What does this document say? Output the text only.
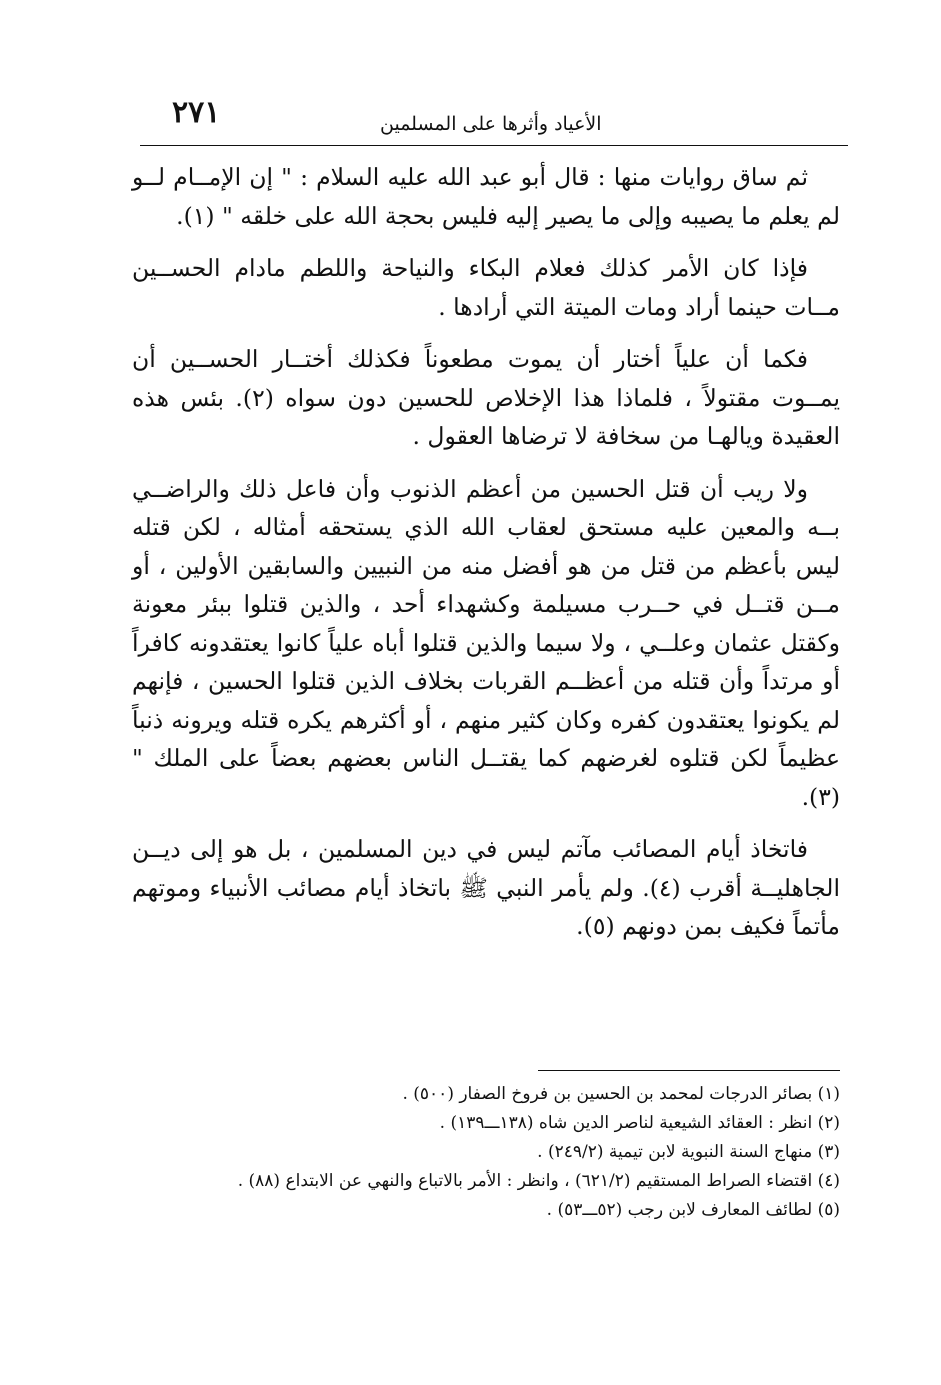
٢٧١	الأعياد وأثرها على المسلمين

ثم ساق روايات منها : قال أبو عبد الله عليه السلام : " إن الإمــام لــو لم يعلم ما يصيبه وإلى ما يصير إليه فليس بحجة الله على خلقه " (١).

فإذا كان الأمر كذلك فعلام البكاء والنياحة واللطم مادام الحســين مــات حينما أراد ومات الميتة التي أرادها .

فكما أن علياً أختار أن يموت مطعوناً فكذلك أختــار الحســين أن يمــوت مقتولاً ، فلماذا هذا الإخلاص للحسين دون سواه (٢). بئس هذه العقيدة ويالهـا من سخافة لا ترضاها العقول .

ولا ريب أن قتل الحسين من أعظم الذنوب وأن فاعل ذلك والراضــي بــه والمعين عليه مستحق لعقاب الله الذي يستحقه أمثاله ، لكن قتله ليس بأعظم من قتل من هو أفضل منه من النبيين والسابقين الأولين ، أو مــن قتــل في حــرب مسيلمة وكشهداء أحد ، والذين قتلوا ببئر معونة وكقتل عثمان وعلــي ، ولا سيما والذين قتلوا أباه علياً كانوا يعتقدونه كافراً أو مرتداً وأن قتله من أعظــم القربات بخلاف الذين قتلوا الحسين ، فإنهم لم يكونوا يعتقدون كفره وكان كثير منهم ، أو أكثرهم يكره قتله ويرونه ذنباً عظيماً لكن قتلوه لغرضهم كما يقتــل الناس بعضهم بعضاً على الملك " (٣).

فاتخاذ أيام المصائب مآتم ليس في دين المسلمين ، بل هو إلى ديــن الجاهليــة أقرب (٤). ولم يأمر النبي ﷺ باتخاذ أيام مصائب الأنبياء وموتهم مأتماً فكيف بمن دونهم (٥).

(١) بصائر الدرجات لمحمد بن الحسين بن فروخ الصفار (٥٠٠) .
(٢) انظر : العقائد الشيعية لناصر الدين شاه (١٣٨ـــ١٣٩) .
(٣) منهاج السنة النبوية لابن تيمية (٢٤٩/٢) .
(٤) اقتضاء الصراط المستقيم (٦٢١/٢) ، وانظر : الأمر بالاتباع والنهي عن الابتداع (٨٨) .
(٥) لطائف المعارف لابن رجب (٥٢ـــ٥٣) .
